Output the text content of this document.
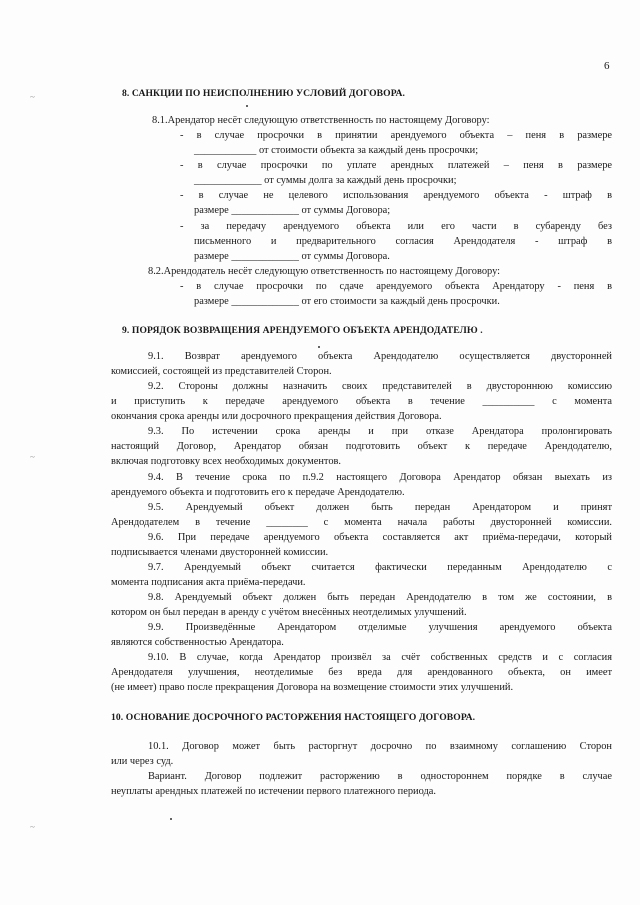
6
~
~
~
8. САНКЦИИ ПО НЕИСПОЛНЕНИЮ УСЛОВИЙ ДОГОВОРА.
8.1.Арендатор несёт следующую ответственность по настоящему Договору:
- в случае просрочки в принятии арендуемого объекта – пеня в размере
____________ от стоимости объекта за каждый день просрочки;
- в случае просрочки по уплате арендных платежей – пеня в размере
_____________ от суммы долга за каждый день просрочки;
- в случае не целевого использования арендуемого объекта - штраф в
размере _____________ от суммы Договора;
- за передачу арендуемого объекта или его части в субаренду без
письменного и предварительного согласия Арендодателя - штраф в
размере _____________ от суммы Договора.
8.2.Арендодатель несёт следующую ответственность по настоящему Договору:
- в случае просрочки по сдаче арендуемого объекта Арендатору - пеня в
размере _____________ от его стоимости за каждый день просрочки.
9. ПОРЯДОК ВОЗВРАЩЕНИЯ АРЕНДУЕМОГО ОБЪЕКТА АРЕНДОДАТЕЛЮ .
9.1. Возврат арендуемого объекта Арендодателю осуществляется двусторонней
комиссией, состоящей из представителей Сторон.
9.2. Стороны должны назначить своих представителей в двустороннюю комиссию
и приступить к передаче арендуемого объекта в течение __________ с момента
окончания срока аренды или досрочного прекращения действия Договора.
9.3. По истечении срока аренды и при отказе Арендатора пролонгировать
настоящий Договор, Арендатор обязан подготовить объект к передаче Арендодателю,
включая подготовку всех необходимых документов.
9.4. В течение срока по п.9.2 настоящего Договора Арендатор обязан выехать из
арендуемого объекта и подготовить его к передаче Арендодателю.
9.5. Арендуемый объект должен быть передан Арендатором и принят
Арендодателем в течение ________ с момента начала работы двусторонней комиссии.
9.6. При передаче арендуемого объекта составляется акт приёма-передачи, который
подписывается членами двусторонней комиссии.
9.7. Арендуемый объект считается фактически переданным Арендодателю с
момента подписания акта приёма-передачи.
9.8. Арендуемый объект должен быть передан Арендодателю в том же состоянии, в
котором он был передан в аренду с учётом внесённых неотделимых улучшений.
9.9. Произведённые Арендатором отделимые улучшения арендуемого объекта
являются собственностью Арендатора.
9.10. В случае, когда Арендатор произвёл за счёт собственных средств и с согласия
Арендодателя улучшения, неотделимые без вреда для арендованного объекта, он имеет
(не имеет) право после прекращения Договора на возмещение стоимости этих улучшений.
10. ОСНОВАНИЕ ДОСРОЧНОГО РАСТОРЖЕНИЯ НАСТОЯЩЕГО ДОГОВОРА.
10.1. Договор может быть расторгнут досрочно по взаимному соглашению Сторон
или через суд.
Вариант. Договор подлежит расторжению в одностороннем порядке в случае
неуплаты арендных платежей по истечении первого платежного периода.
